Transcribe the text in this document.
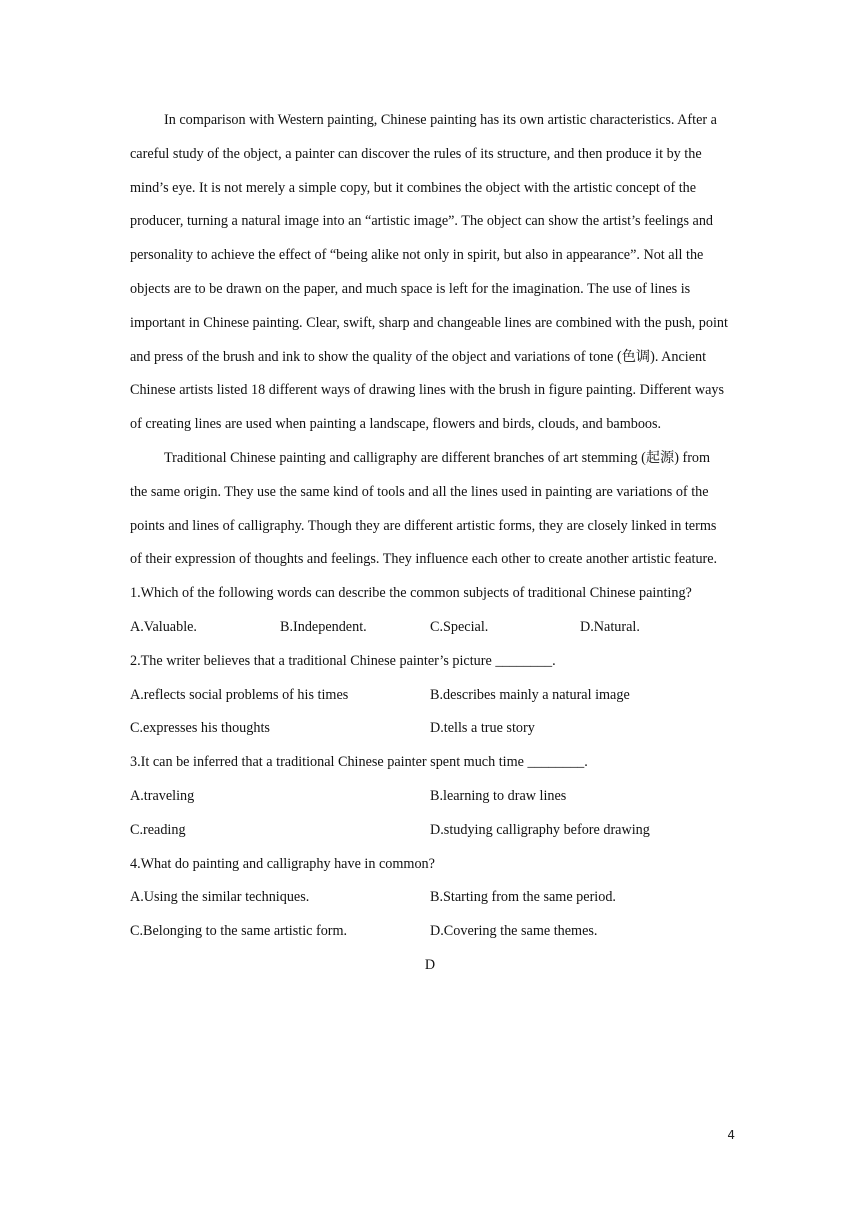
In comparison with Western painting, Chinese painting has its own artistic characteristics. After a careful study of the object, a painter can discover the rules of its structure, and then produce it by the mind’s eye. It is not merely a simple copy, but it combines the object with the artistic concept of the producer, turning a natural image into an “artistic image”. The object can show the artist’s feelings and personality to achieve the effect of “being alike not only in spirit, but also in appearance”. Not all the objects are to be drawn on the paper, and much space is left for the imagination. The use of lines is important in Chinese painting. Clear, swift, sharp and changeable lines are combined with the push, point and press of the brush and ink to show the quality of the object and variations of tone (色调). Ancient Chinese artists listed 18 different ways of drawing lines with the brush in figure painting. Different ways of creating lines are used when painting a landscape, flowers and birds, clouds, and bamboos.

Traditional Chinese painting and calligraphy are different branches of art stemming (起源) from the same origin. They use the same kind of tools and all the lines used in painting are variations of the points and lines of calligraphy. Though they are different artistic forms, they are closely linked in terms of their expression of thoughts and feelings. They influence each other to create another artistic feature.

1.Which of the following words can describe the common subjects of traditional Chinese painting?

A.Valuable.	B.Independent.	C.Special.	D.Natural.

2.The writer believes that a traditional Chinese painter’s picture ________.

A.reflects social problems of his times	B.describes mainly a natural image
C.expresses his thoughts	D.tells a true story

3.It can be inferred that a traditional Chinese painter spent much time ________.

A.traveling	B.learning to draw lines
C.reading	D.studying calligraphy before drawing

4.What do painting and calligraphy have in common?

A.Using the similar techniques.	B.Starting from the same period.
C.Belonging to the same artistic form.	D.Covering the same themes.

D

4
